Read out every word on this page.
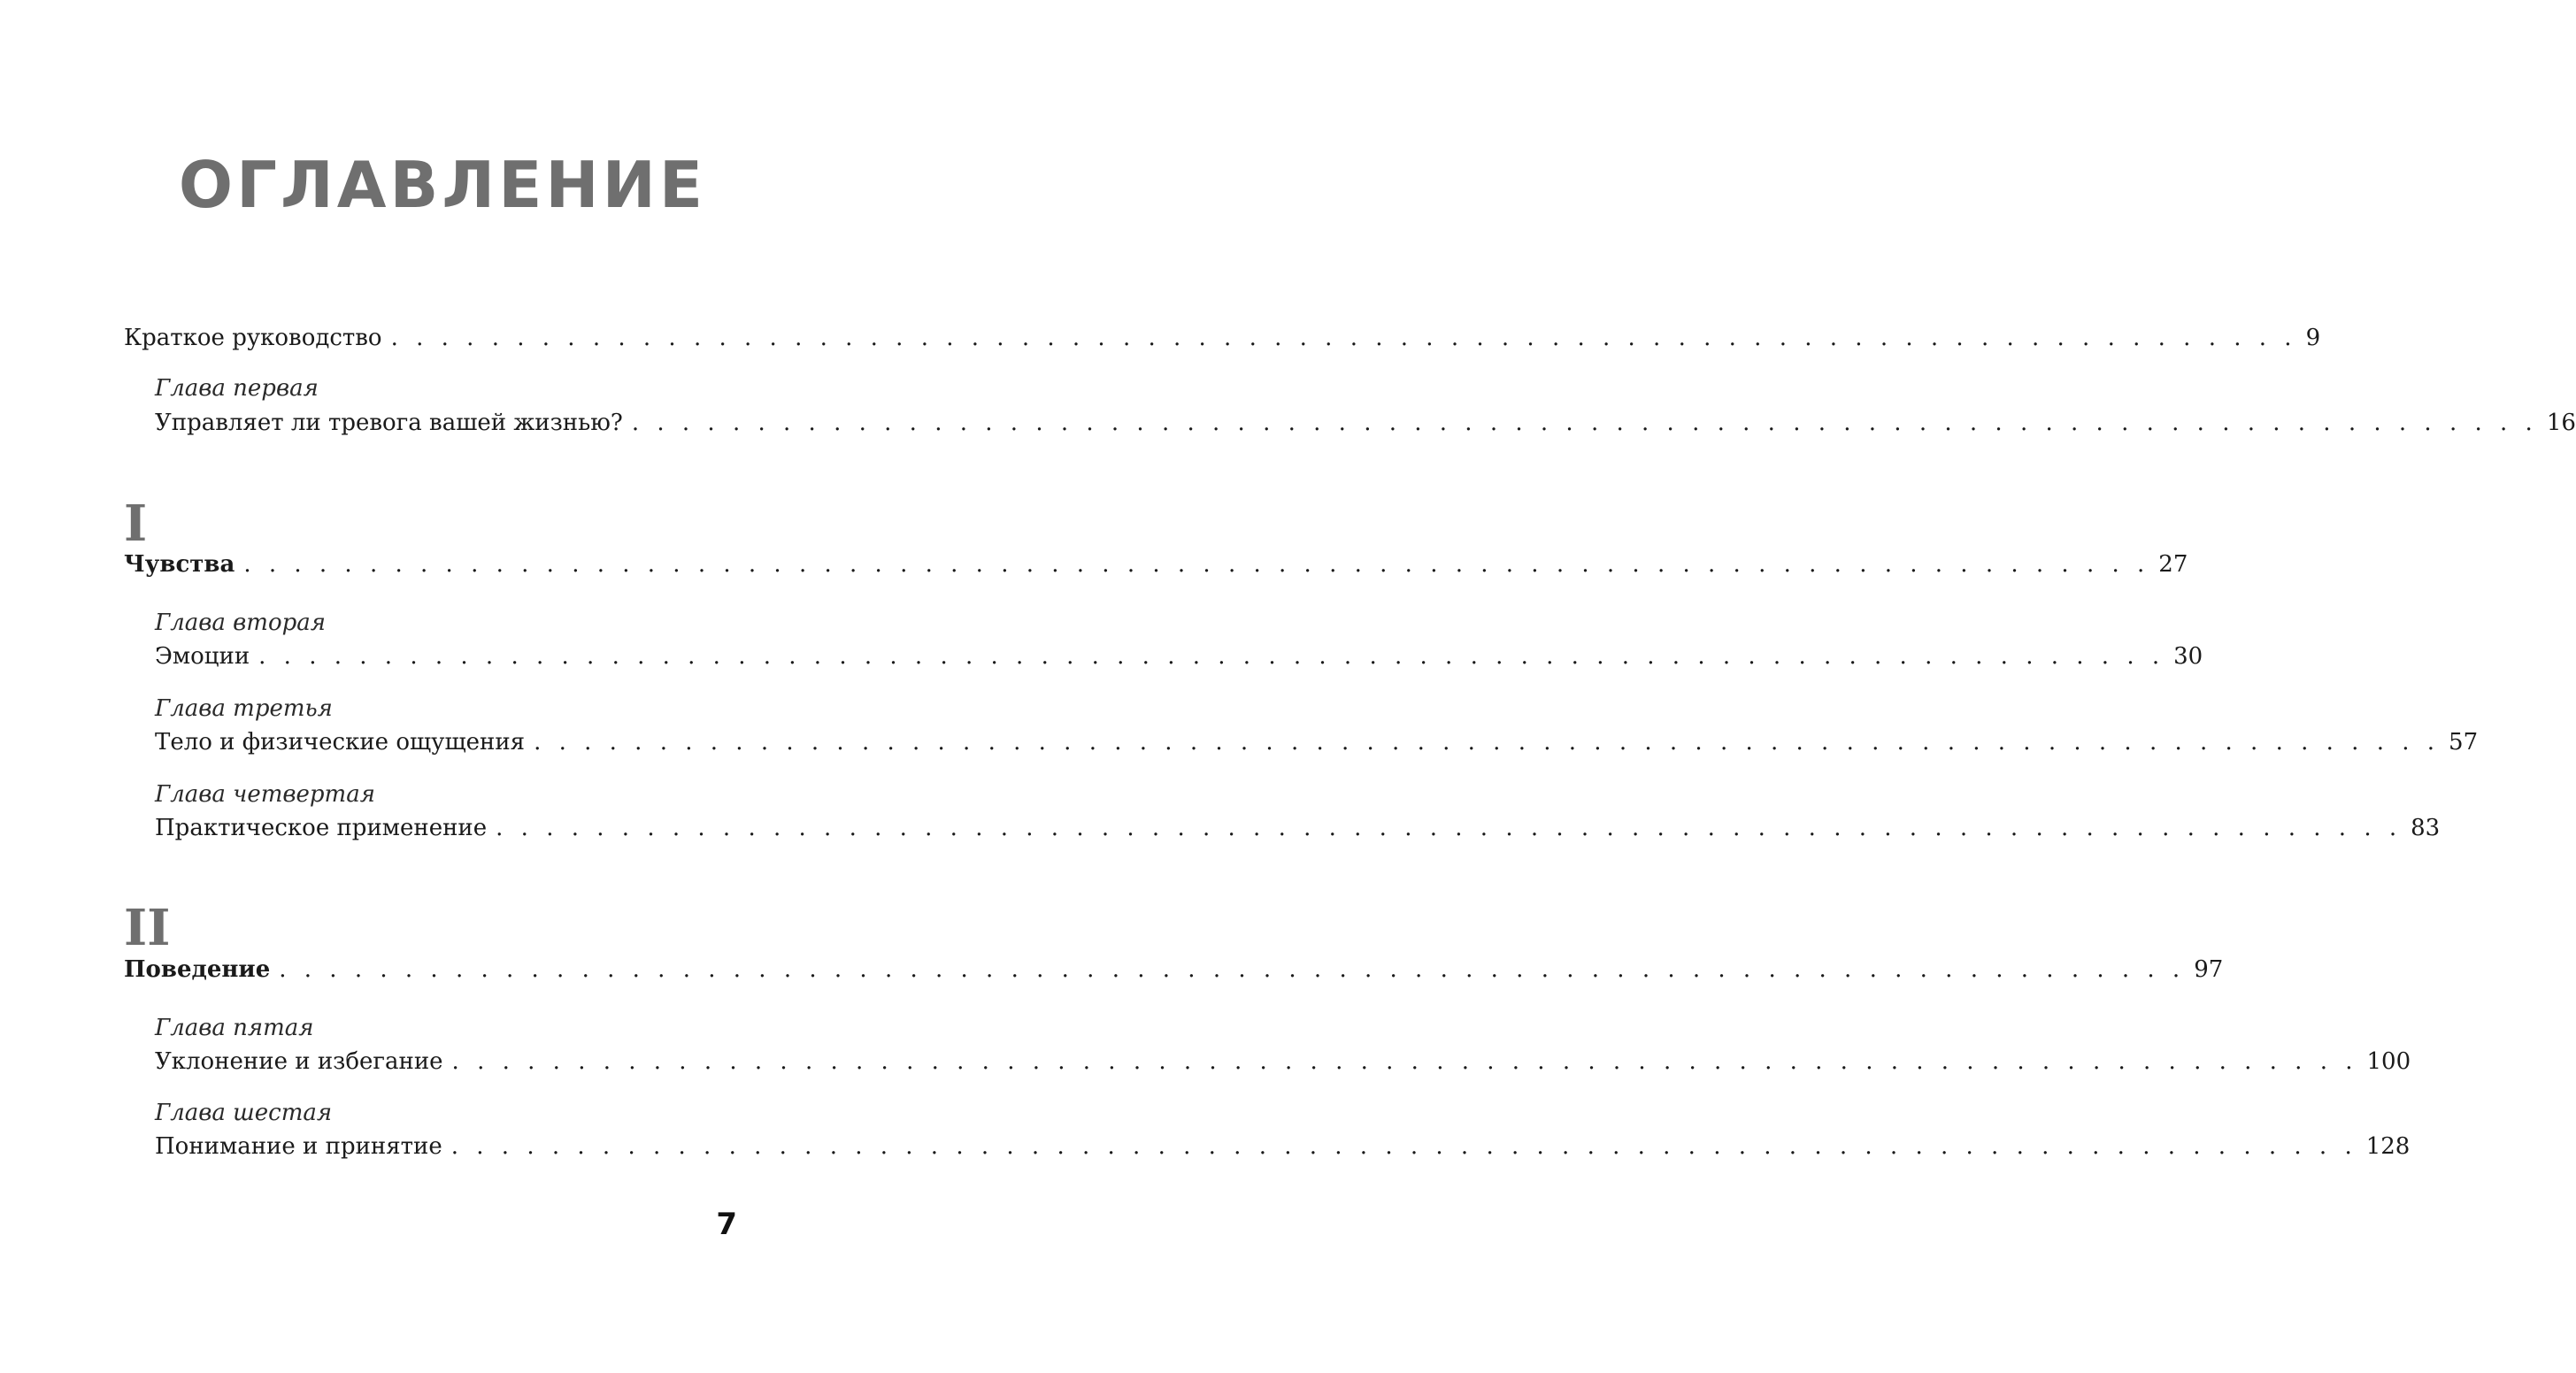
ОГЛАВЛЕНИЕ
Краткое руководство . . . . . . . . . . . . . . . . . . . . . . . . . . . . . . . . . . . . . . . . . . . . . . . . . . . . . . . . . . . . . . . . . . . . . . . . . . . . 9
Глава первая
Управляет ли тревога вашей жизнью? . . . . . . . . . . . . . . . . . . . . . . . . . . . . . . . . . . . . . . . . . . . . . . . . . . . . . . . . . . . . . . . . . . . . . . . . . . . . 16
I
Чувства . . . . . . . . . . . . . . . . . . . . . . . . . . . . . . . . . . . . . . . . . . . . . . . . . . . . . . . . . . . . . . . . . . . . . . . . . . . . 27
Глава вторая
Эмоции . . . . . . . . . . . . . . . . . . . . . . . . . . . . . . . . . . . . . . . . . . . . . . . . . . . . . . . . . . . . . . . . . . . . . . . . . . . . 30
Глава третья
Тело и физические ощущения . . . . . . . . . . . . . . . . . . . . . . . . . . . . . . . . . . . . . . . . . . . . . . . . . . . . . . . . . . . . . . . . . . . . . . . . . . . . 57
Глава четвертая
Практическое применение . . . . . . . . . . . . . . . . . . . . . . . . . . . . . . . . . . . . . . . . . . . . . . . . . . . . . . . . . . . . . . . . . . . . . . . . . . . . 83
II
Поведение . . . . . . . . . . . . . . . . . . . . . . . . . . . . . . . . . . . . . . . . . . . . . . . . . . . . . . . . . . . . . . . . . . . . . . . . . . . . 97
Глава пятая
Уклонение и избегание . . . . . . . . . . . . . . . . . . . . . . . . . . . . . . . . . . . . . . . . . . . . . . . . . . . . . . . . . . . . . . . . . . . . . . . . . . . . 100
Глава шестая
Понимание и принятие . . . . . . . . . . . . . . . . . . . . . . . . . . . . . . . . . . . . . . . . . . . . . . . . . . . . . . . . . . . . . . . . . . . . . . . . . . . . 128
7
